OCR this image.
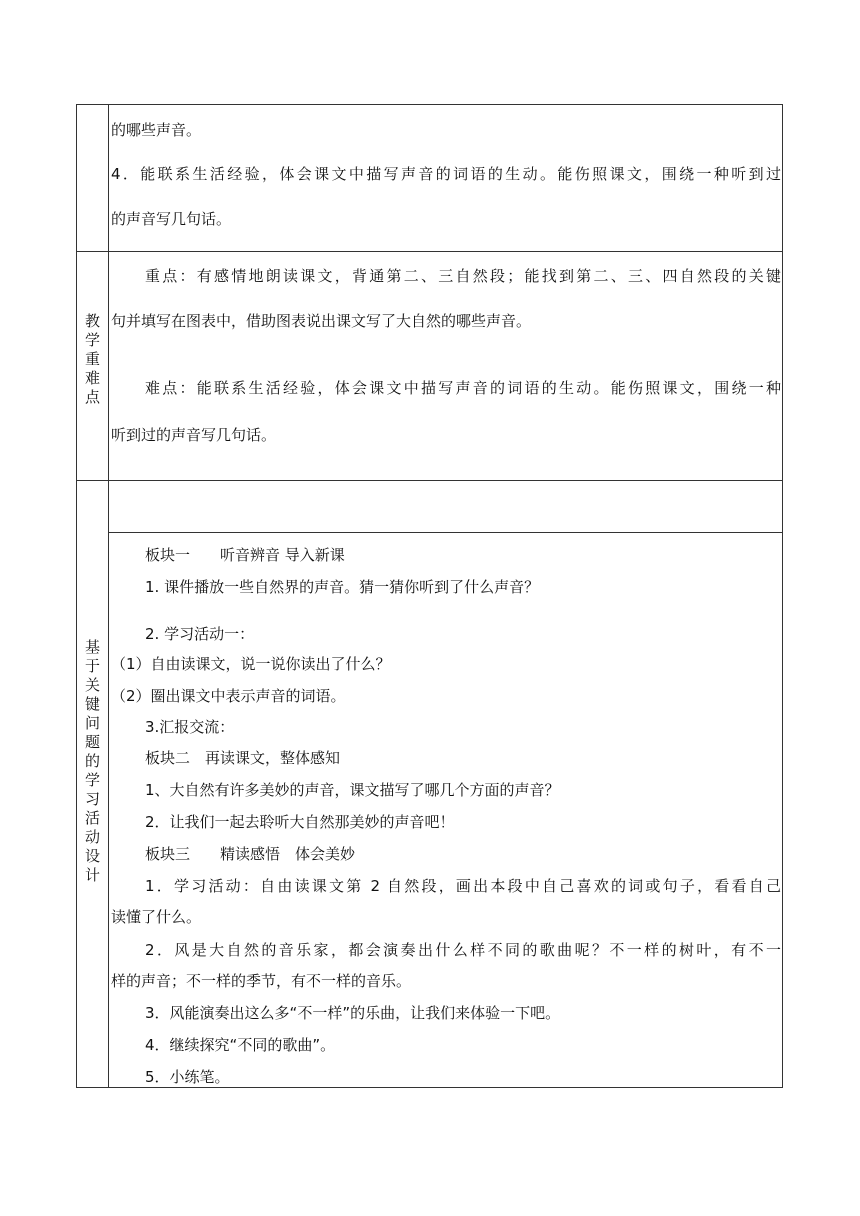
的哪些声音。
4．能联系生活经验，体会课文中描写声音的词语的生动。能伤照课文，围绕一种听到过
的声音写几句话。
教
学
重
难
点
重点：有感情地朗读课文，背通第二、三自然段；能找到第二、三、四自然段的关键
句并填写在图表中，借助图表说出课文写了大自然的哪些声音。
难点：能联系生活经验，体会课文中描写声音的词语的生动。能伤照课文，围绕一种
听到过的声音写几句话。
基
于
关
键
问
题
的
学
习
活
动
设
计
板块一　　听音辨音 导入新课
1. 课件播放一些自然界的声音。猜一猜你听到了什么声音？
2. 学习活动一：
（1）自由读课文，说一说你读出了什么？
（2）圈出课文中表示声音的词语。
3.汇报交流：
板块二　再读课文，整体感知
1、大自然有许多美妙的声音，课文描写了哪几个方面的声音？
2．让我们一起去聆听大自然那美妙的声音吧！
板块三　　精读感悟　体会美妙
1．学习活动：自由读课文第 2 自然段，画出本段中自己喜欢的词或句子，看看自己
读懂了什么。
2．风是大自然的音乐家，都会演奏出什么样不同的歌曲呢？不一样的树叶，有不一
样的声音；不一样的季节，有不一样的音乐。
3．风能演奏出这么多“不一样”的乐曲，让我们来体验一下吧。
4．继续探究“不同的歌曲”。
5．小练笔。
